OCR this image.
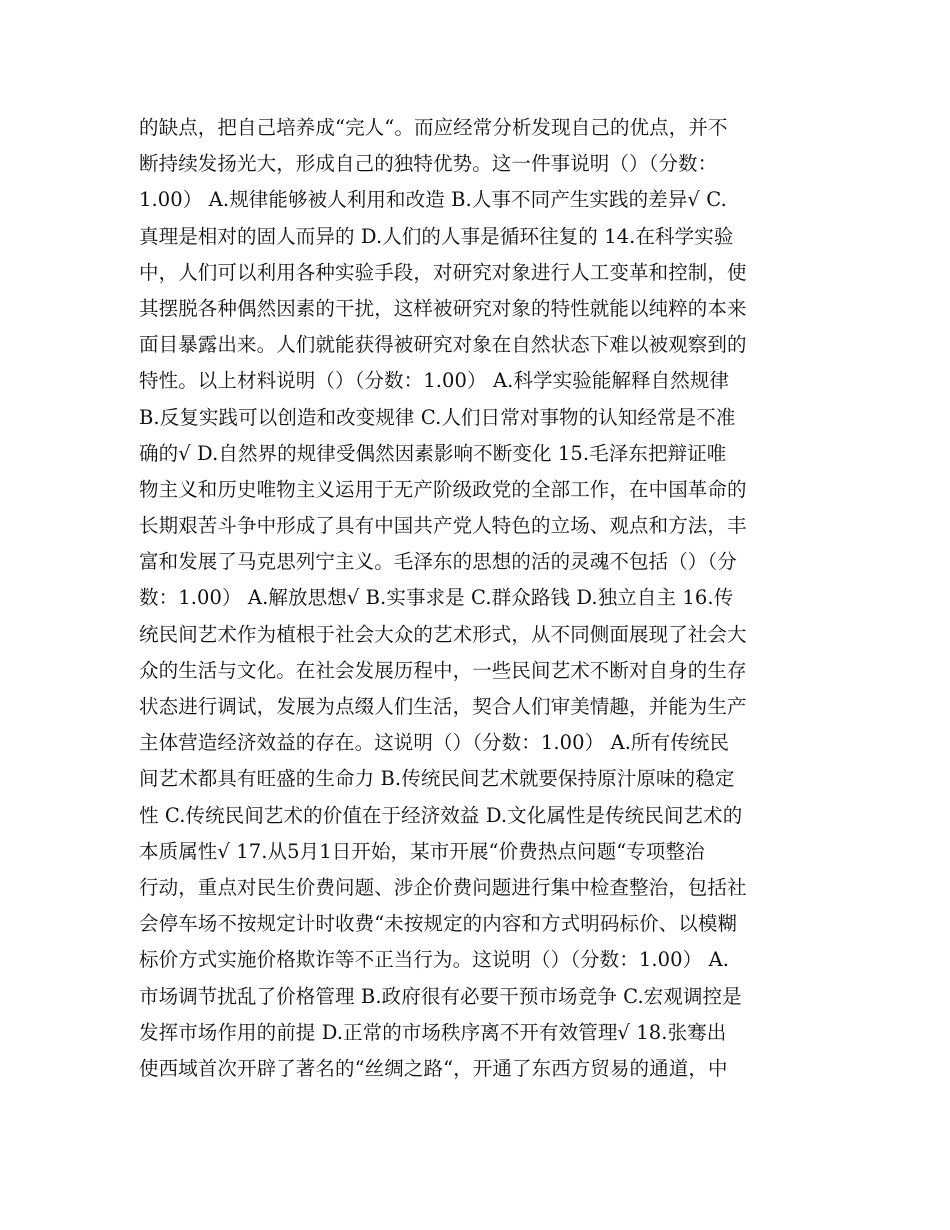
的缺点，把自己培养成“完人“。而应经常分析发现自己的优点，并不
断持续发扬光大，形成自己的独特优势。这一件事说明（）（分数：
1.00） A.规律能够被人利用和改造 B.人事不同产生实践的差异√ C.
真理是相对的固人而异的 D.人们的人事是循环往复的 14.在科学实验
中，人们可以利用各种实验手段，对研究对象进行人工变革和控制，使
其摆脱各种偶然因素的干扰，这样被研究对象的特性就能以纯粹的本来
面目暴露出来。人们就能获得被研究对象在自然状态下难以被观察到的
特性。以上材料说明（）（分数：1.00） A.科学实验能解释自然规律
B.反复实践可以创造和改变规律 C.人们日常对事物的认知经常是不准
确的√ D.自然界的规律受偶然因素影响不断变化 15.毛泽东把辩证唯
物主义和历史唯物主义运用于无产阶级政党的全部工作，在中国革命的
长期艰苦斗争中形成了具有中国共产党人特色的立场、观点和方法，丰
富和发展了马克思列宁主义。毛泽东的思想的活的灵魂不包括（）（分
数：1.00） A.解放思想√ B.实事求是 C.群众路钱 D.独立自主 16.传
统民间艺术作为植根于社会大众的艺术形式，从不同侧面展现了社会大
众的生活与文化。在社会发展历程中，一些民间艺术不断对自身的生存
状态进行调试，发展为点缀人们生活，契合人们审美情趣，并能为生产
主体营造经济效益的存在。这说明（）（分数：1.00） A.所有传统民
间艺术都具有旺盛的生命力 B.传统民间艺术就要保持原汁原味的稳定
性 C.传统民间艺术的价值在于经济效益 D.文化属性是传统民间艺术的
本质属性√ 17.从5月1日开始，某市开展“价费热点问题“专项整治
行动，重点对民生价费问题、涉企价费问题进行集中检查整治，包括社
会停车场不按规定计时收费“未按规定的内容和方式明码标价、以模糊
标价方式实施价格欺诈等不正当行为。这说明（）（分数：1.00） A.
市场调节扰乱了价格管理 B.政府很有必要干预市场竞争 C.宏观调控是
发挥市场作用的前提 D.正常的市场秩序离不开有效管理√ 18.张骞出
使西域首次开辟了著名的“丝绸之路“，开通了东西方贸易的通道，中
